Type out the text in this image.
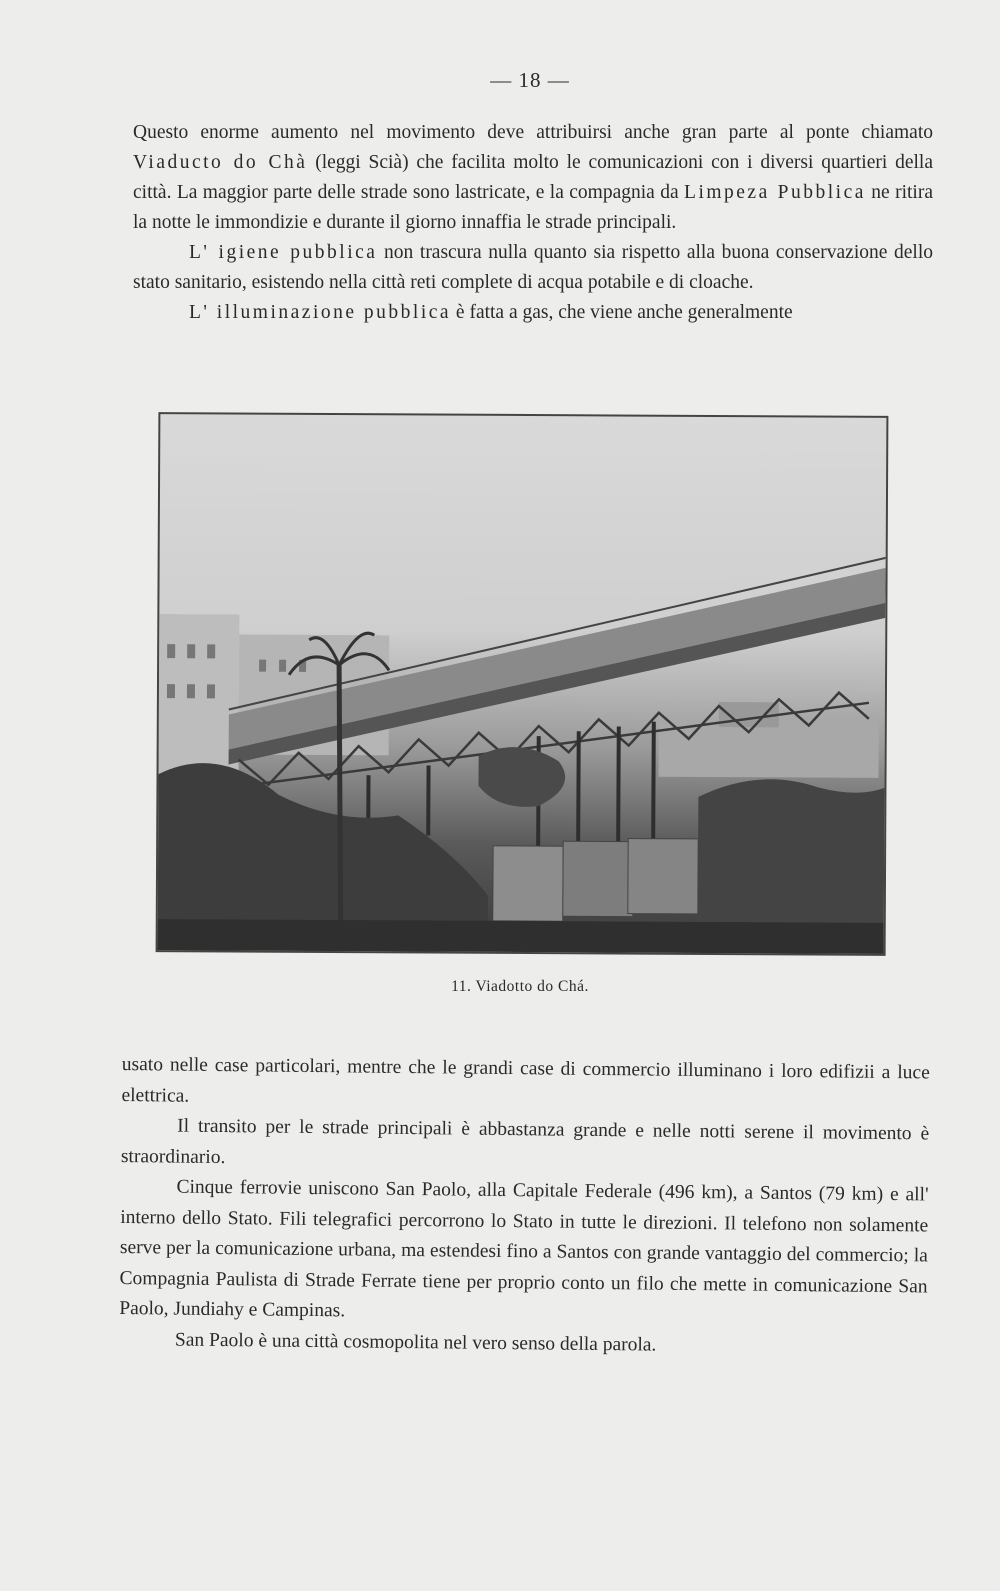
— 18 —

Questo enorme aumento nel movimento deve attribuirsi anche gran parte al ponte chiamato Viaducto do Chà (leggi Scià) che facilita molto le comunicazioni con i diversi quartieri della città. La maggior parte delle strade sono lastricate, e la compagnia da Limpeza Pubblica ne ritira la notte le immondizie e durante il giorno innaffia le strade principali.

L' igiene pubblica non trascura nulla quanto sia rispetto alla buona conservazione dello stato sanitario, esistendo nella città reti complete di acqua potabile e di cloache.

L' illuminazione pubblica è fatta a gas, che viene anche generalmente

11. Viadotto do Chá.

usato nelle case particolari, mentre che le grandi case di commercio illuminano i loro edifizii a luce elettrica.

Il transito per le strade principali è abbastanza grande e nelle notti serene il movimento è straordinario.

Cinque ferrovie uniscono San Paolo, alla Capitale Federale (496 km), a Santos (79 km) e all' interno dello Stato. Fili telegrafici percorrono lo Stato in tutte le direzioni. Il telefono non solamente serve per la comunicazione urbana, ma estendesi fino a Santos con grande vantaggio del commercio; la Compagnia Paulista di Strade Ferrate tiene per proprio conto un filo che mette in comunicazione San Paolo, Jundiahy e Campinas.

San Paolo è una città cosmopolita nel vero senso della parola.
